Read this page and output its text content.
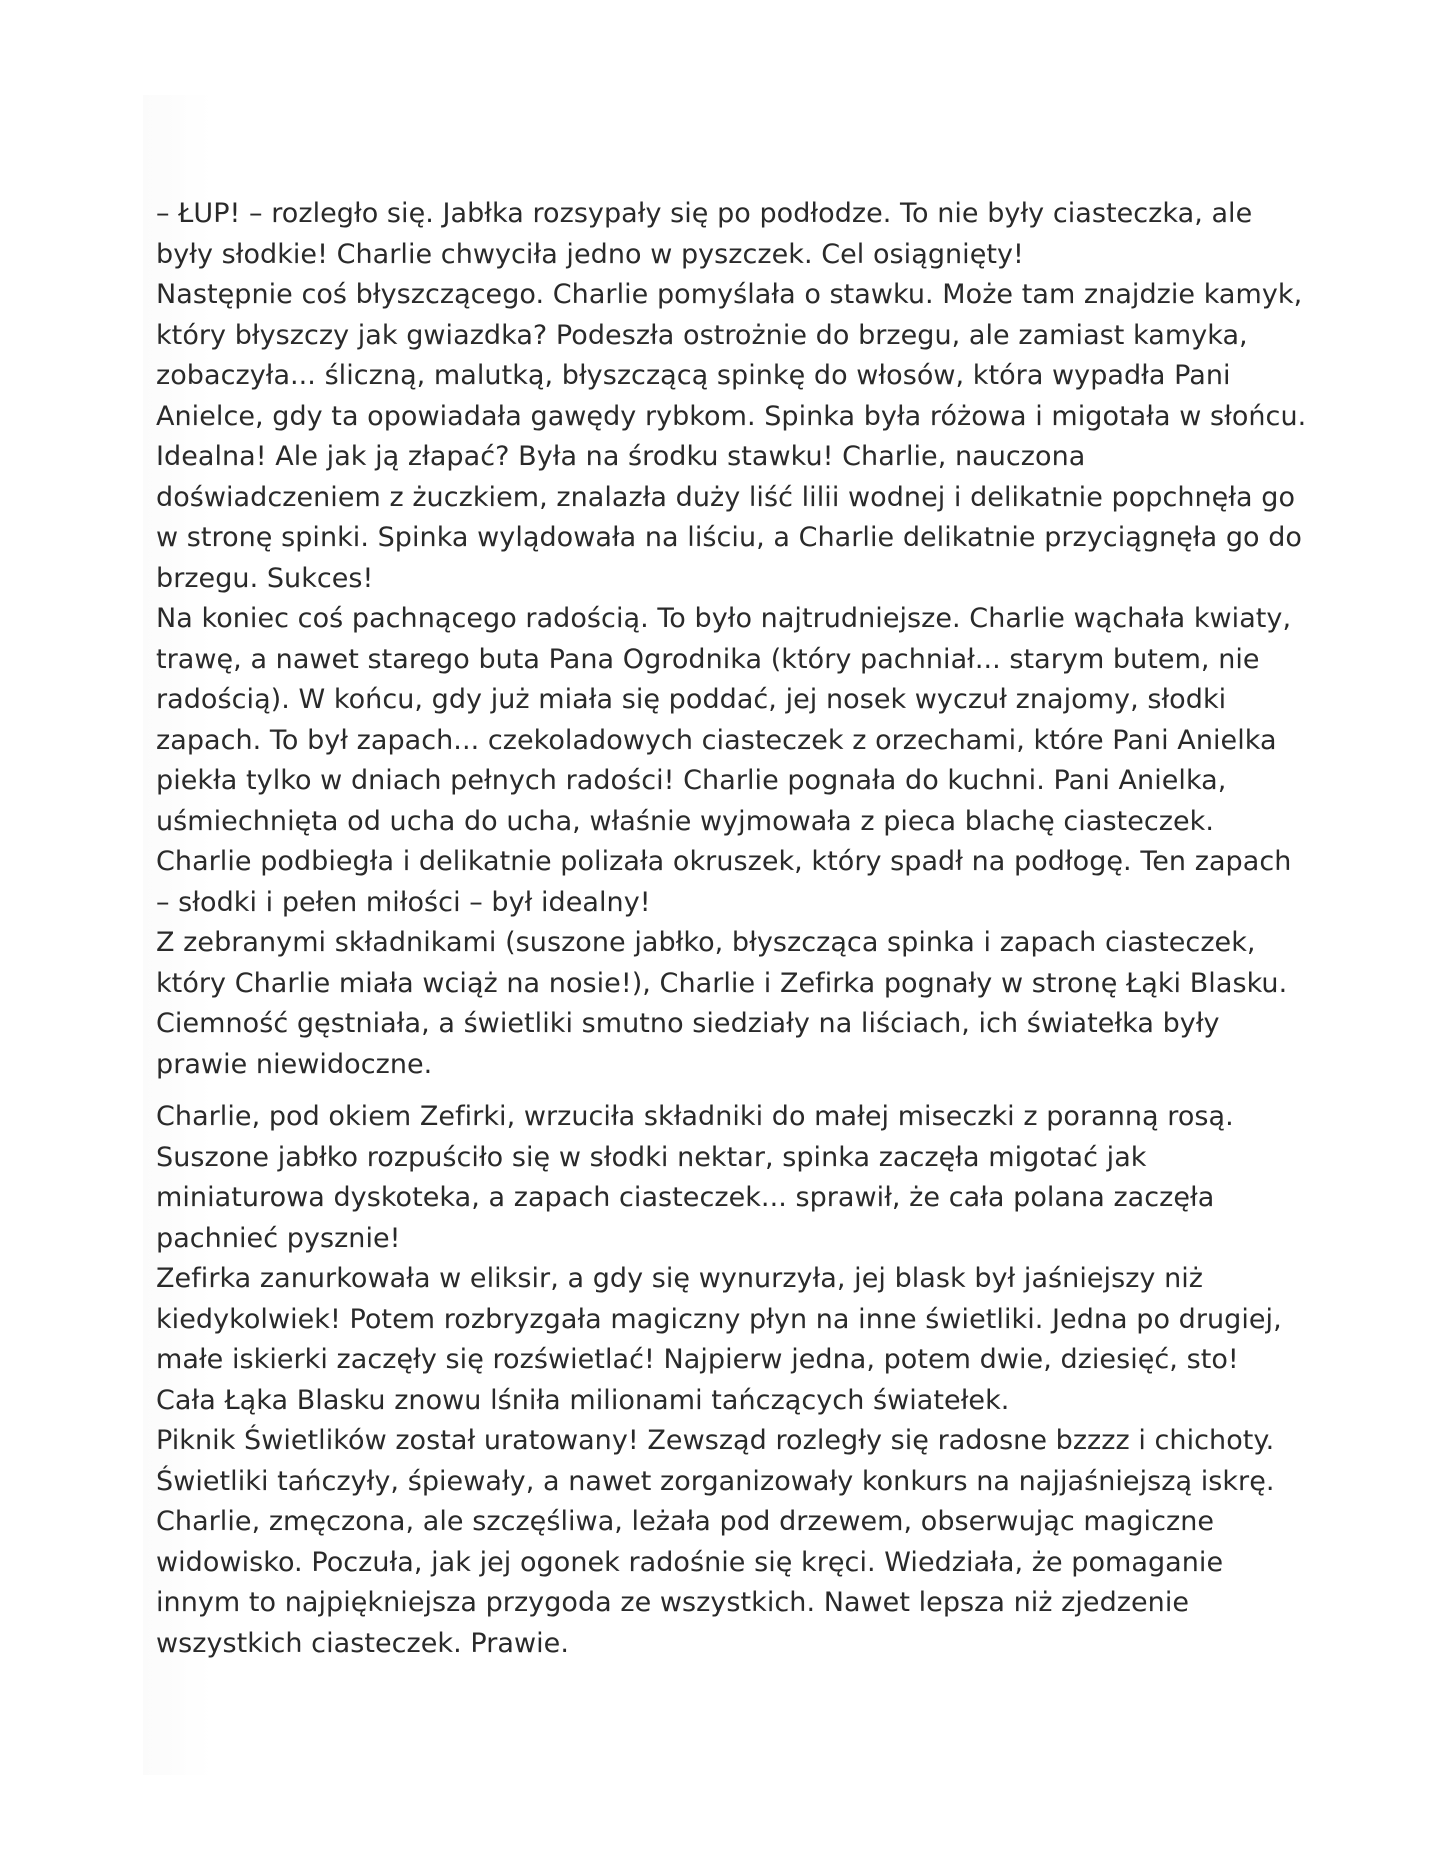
– ŁUP! – rozległo się. Jabłka rozsypały się po podłodze. To nie były ciasteczka, ale
były słodkie! Charlie chwyciła jedno w pyszczek. Cel osiągnięty!
Następnie coś błyszczącego. Charlie pomyślała o stawku. Może tam znajdzie kamyk,
który błyszczy jak gwiazdka? Podeszła ostrożnie do brzegu, ale zamiast kamyka,
zobaczyła... śliczną, malutką, błyszczącą spinkę do włosów, która wypadła Pani
Anielce, gdy ta opowiadała gawędy rybkom. Spinka była różowa i migotała w słońcu.
Idealna! Ale jak ją złapać? Była na środku stawku! Charlie, nauczona
doświadczeniem z żuczkiem, znalazła duży liść lilii wodnej i delikatnie popchnęła go
w stronę spinki. Spinka wylądowała na liściu, a Charlie delikatnie przyciągnęła go do
brzegu. Sukces!
Na koniec coś pachnącego radością. To było najtrudniejsze. Charlie wąchała kwiaty,
trawę, a nawet starego buta Pana Ogrodnika (który pachniał... starym butem, nie
radością). W końcu, gdy już miała się poddać, jej nosek wyczuł znajomy, słodki
zapach. To był zapach... czekoladowych ciasteczek z orzechami, które Pani Anielka
piekła tylko w dniach pełnych radości! Charlie pognała do kuchni. Pani Anielka,
uśmiechnięta od ucha do ucha, właśnie wyjmowała z pieca blachę ciasteczek.
Charlie podbiegła i delikatnie polizała okruszek, który spadł na podłogę. Ten zapach
– słodki i pełen miłości – był idealny!
Z zebranymi składnikami (suszone jabłko, błyszcząca spinka i zapach ciasteczek,
który Charlie miała wciąż na nosie!), Charlie i Zefirka pognały w stronę Łąki Blasku.
Ciemność gęstniała, a świetliki smutno siedziały na liściach, ich światełka były
prawie niewidoczne.
Charlie, pod okiem Zefirki, wrzuciła składniki do małej miseczki z poranną rosą.
Suszone jabłko rozpuściło się w słodki nektar, spinka zaczęła migotać jak
miniaturowa dyskoteka, a zapach ciasteczek... sprawił, że cała polana zaczęła
pachnieć pysznie!
Zefirka zanurkowała w eliksir, a gdy się wynurzyła, jej blask był jaśniejszy niż
kiedykolwiek! Potem rozbryzgała magiczny płyn na inne świetliki. Jedna po drugiej,
małe iskierki zaczęły się rozświetlać! Najpierw jedna, potem dwie, dziesięć, sto!
Cała Łąka Blasku znowu lśniła milionami tańczących światełek.
Piknik Świetlików został uratowany! Zewsząd rozległy się radosne bzzzz i chichoty.
Świetliki tańczyły, śpiewały, a nawet zorganizowały konkurs na najjaśniejszą iskrę.
Charlie, zmęczona, ale szczęśliwa, leżała pod drzewem, obserwując magiczne
widowisko. Poczuła, jak jej ogonek radośnie się kręci. Wiedziała, że pomaganie
innym to najpiękniejsza przygoda ze wszystkich. Nawet lepsza niż zjedzenie
wszystkich ciasteczek. Prawie.
